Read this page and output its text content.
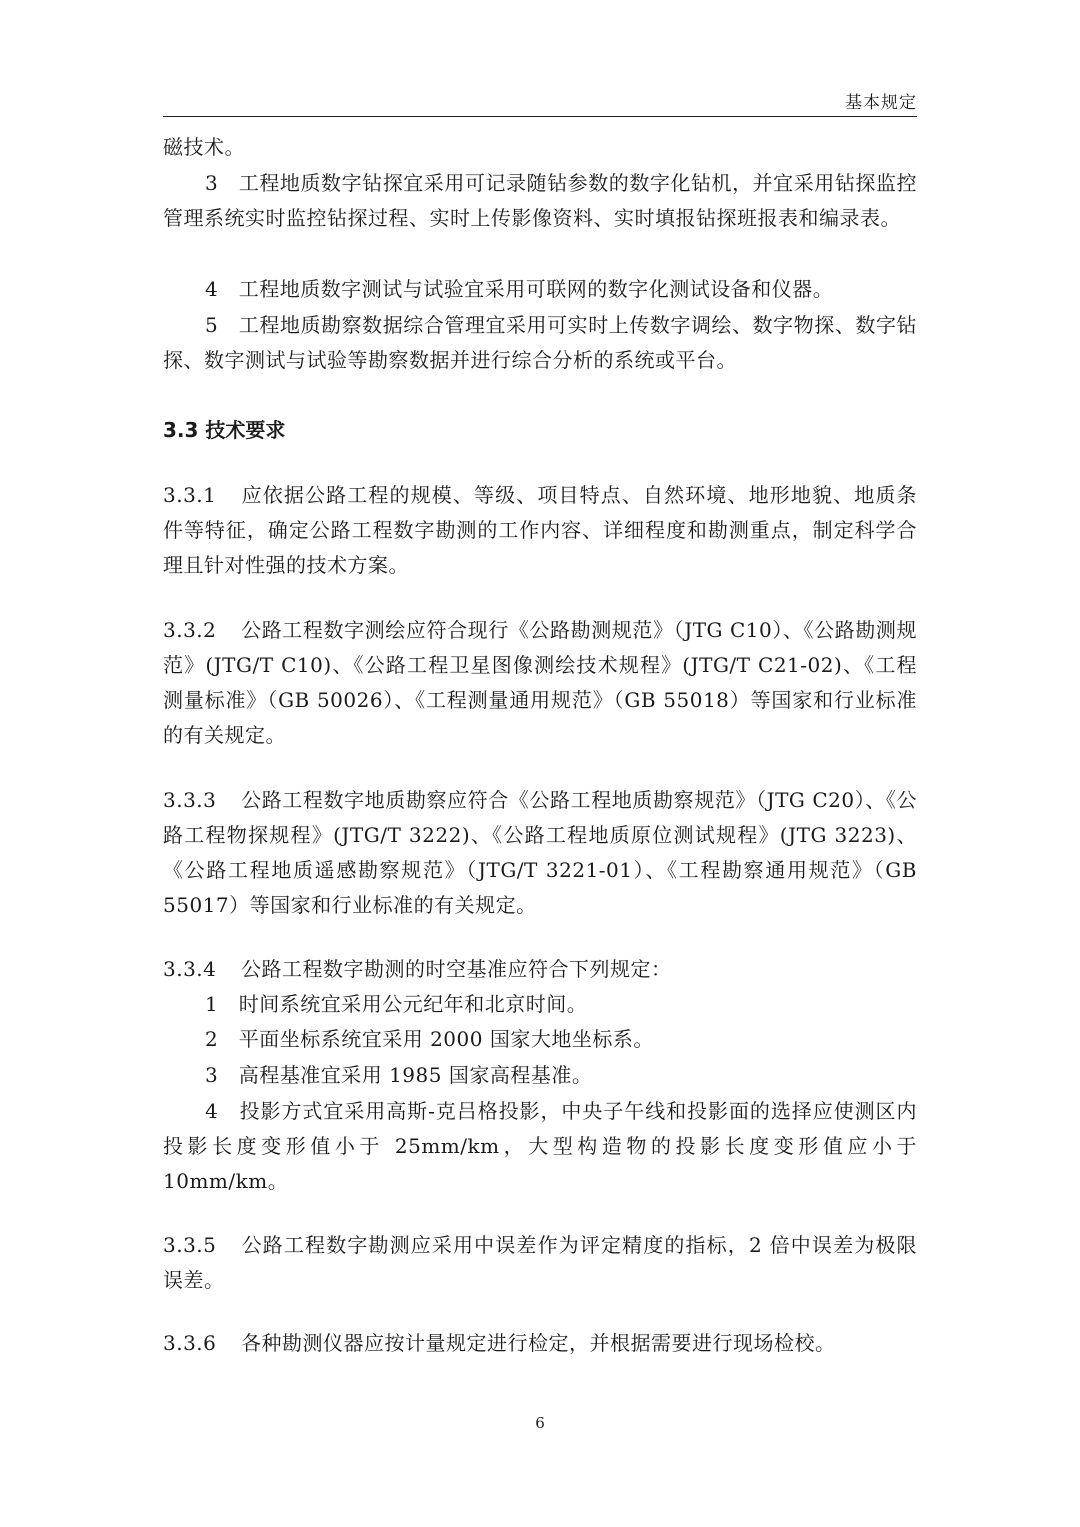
基本规定
磁技术。
3　工程地质数字钻探宜采用可记录随钻参数的数字化钻机，并宜采用钻探监控管理系统实时监控钻探过程、实时上传影像资料、实时填报钻探班报表和编录表。
4　工程地质数字测试与试验宜采用可联网的数字化测试设备和仪器。
5　工程地质勘察数据综合管理宜采用可实时上传数字调绘、数字物探、数字钻探、数字测试与试验等勘察数据并进行综合分析的系统或平台。
3.3 技术要求
3.3.1 应依据公路工程的规模、等级、项目特点、自然环境、地形地貌、地质条件等特征，确定公路工程数字勘测的工作内容、详细程度和勘测重点，制定科学合理且针对性强的技术方案。
3.3.2 公路工程数字测绘应符合现行《公路勘测规范》（JTG C10）、《公路勘测规范》(JTG/T C10)、《公路工程卫星图像测绘技术规程》(JTG/T C21-02)、《工程测量标准》（GB 50026）、《工程测量通用规范》（GB 55018）等国家和行业标准的有关规定。
3.3.3 公路工程数字地质勘察应符合《公路工程地质勘察规范》（JTG C20）、《公路工程物探规程》(JTG/T 3222)、《公路工程地质原位测试规程》(JTG 3223)、《公路工程地质遥感勘察规范》（JTG/T 3221-01）、《工程勘察通用规范》（GB 55017）等国家和行业标准的有关规定。
3.3.4 公路工程数字勘测的时空基准应符合下列规定：
1　时间系统宜采用公元纪年和北京时间。
2　平面坐标系统宜采用 2000 国家大地坐标系。
3　高程基准宜采用 1985 国家高程基准。
4　投影方式宜采用高斯-克吕格投影，中央子午线和投影面的选择应使测区内投影长度变形值小于 25mm/km，大型构造物的投影长度变形值应小于10mm/km。
3.3.5 公路工程数字勘测应采用中误差作为评定精度的指标，2 倍中误差为极限误差。
3.3.6 各种勘测仪器应按计量规定进行检定，并根据需要进行现场检校。
6
